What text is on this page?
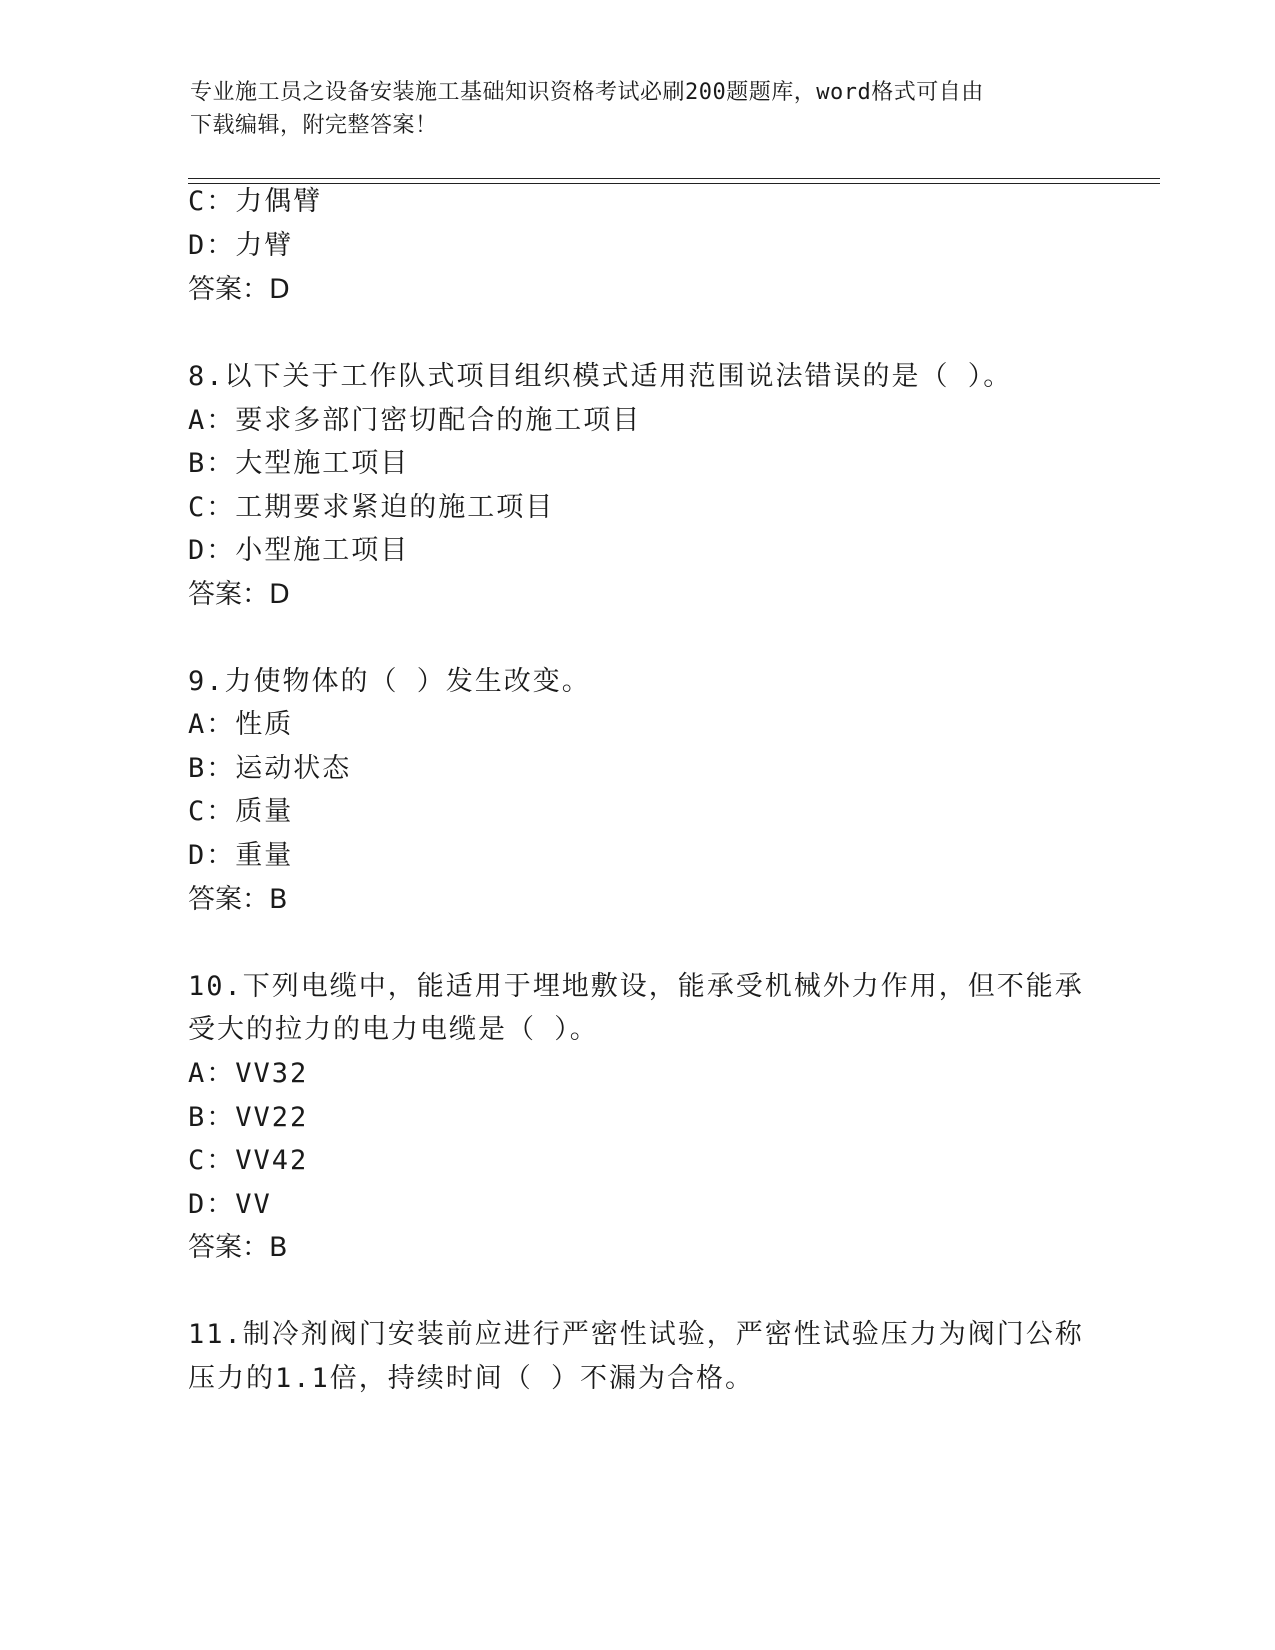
专业施工员之设备安装施工基础知识资格考试必刷200题题库，word格式可自由
下载编辑，附完整答案！
C：力偶臂
D：力臂
答案：D
8.以下关于工作队式项目组织模式适用范围说法错误的是（ ）。
A：要求多部门密切配合的施工项目
B：大型施工项目
C：工期要求紧迫的施工项目
D：小型施工项目
答案：D
9.力使物体的（ ）发生改变。
A：性质
B：运动状态
C：质量
D：重量
答案：B
10.下列电缆中，能适用于埋地敷设，能承受机械外力作用，但不能承
受大的拉力的电力电缆是（ ）。
A：VV32
B：VV22
C：VV42
D：VV
答案：B
11.制冷剂阀门安装前应进行严密性试验，严密性试验压力为阀门公称
压力的1.1倍，持续时间（ ）不漏为合格。
